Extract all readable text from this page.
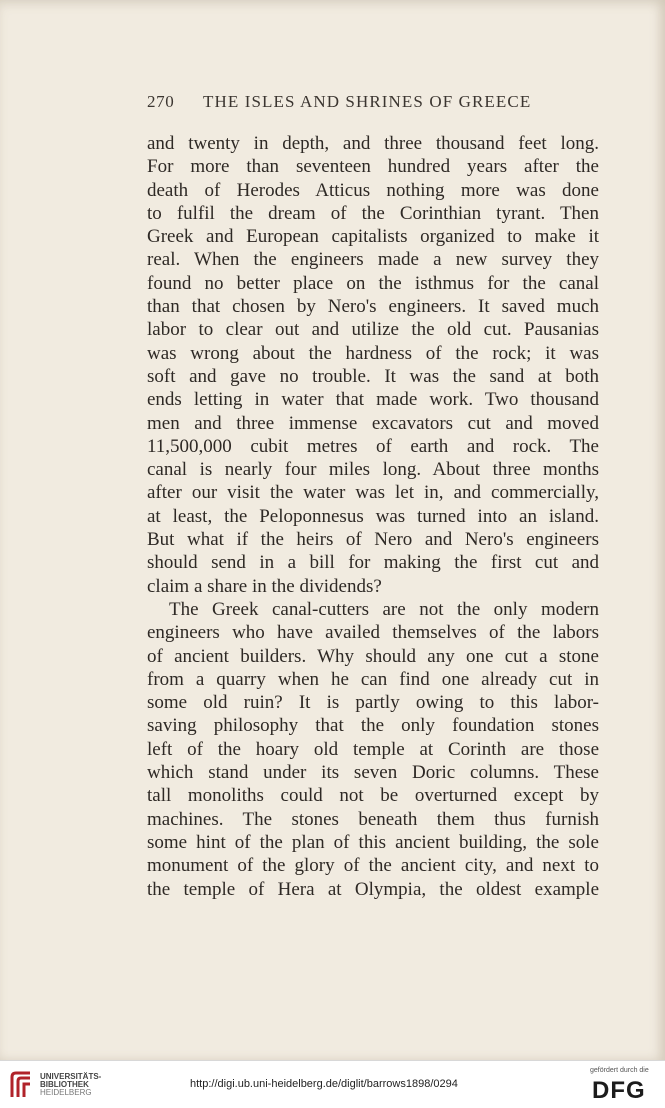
270 THE ISLES AND SHRINES OF GREECE
and twenty in depth, and three thousand feet long.
For more than seventeen hundred years after the
death of Herodes Atticus nothing more was done
to fulfil the dream of the Corinthian tyrant. Then
Greek and European capitalists organized to make it
real. When the engineers made a new survey they
found no better place on the isthmus for the canal
than that chosen by Nero's engineers. It saved much
labor to clear out and utilize the old cut. Pausanias
was wrong about the hardness of the rock; it was
soft and gave no trouble. It was the sand at both
ends letting in water that made work. Two thousand
men and three immense excavators cut and moved
11,500,000 cubit metres of earth and rock. The
canal is nearly four miles long. About three months
after our visit the water was let in, and commercially,
at least, the Peloponnesus was turned into an island.
But what if the heirs of Nero and Nero's engineers
should send in a bill for making the first cut and
claim a share in the dividends?
The Greek canal-cutters are not the only modern
engineers who have availed themselves of the labors
of ancient builders. Why should any one cut a stone
from a quarry when he can find one already cut in
some old ruin? It is partly owing to this labor-
saving philosophy that the only foundation stones
left of the hoary old temple at Corinth are those
which stand under its seven Doric columns. These
tall monoliths could not be overturned except by
machines. The stones beneath them thus furnish
some hint of the plan of this ancient building, the sole
monument of the glory of the ancient city, and next to
the temple of Hera at Olympia, the oldest example
UNIVERSITÄTS-
BIBLIOTHEK
HEIDELBERG
http://digi.ub.uni-heidelberg.de/diglit/barrows1898/0294
gefördert durch die
DFG
